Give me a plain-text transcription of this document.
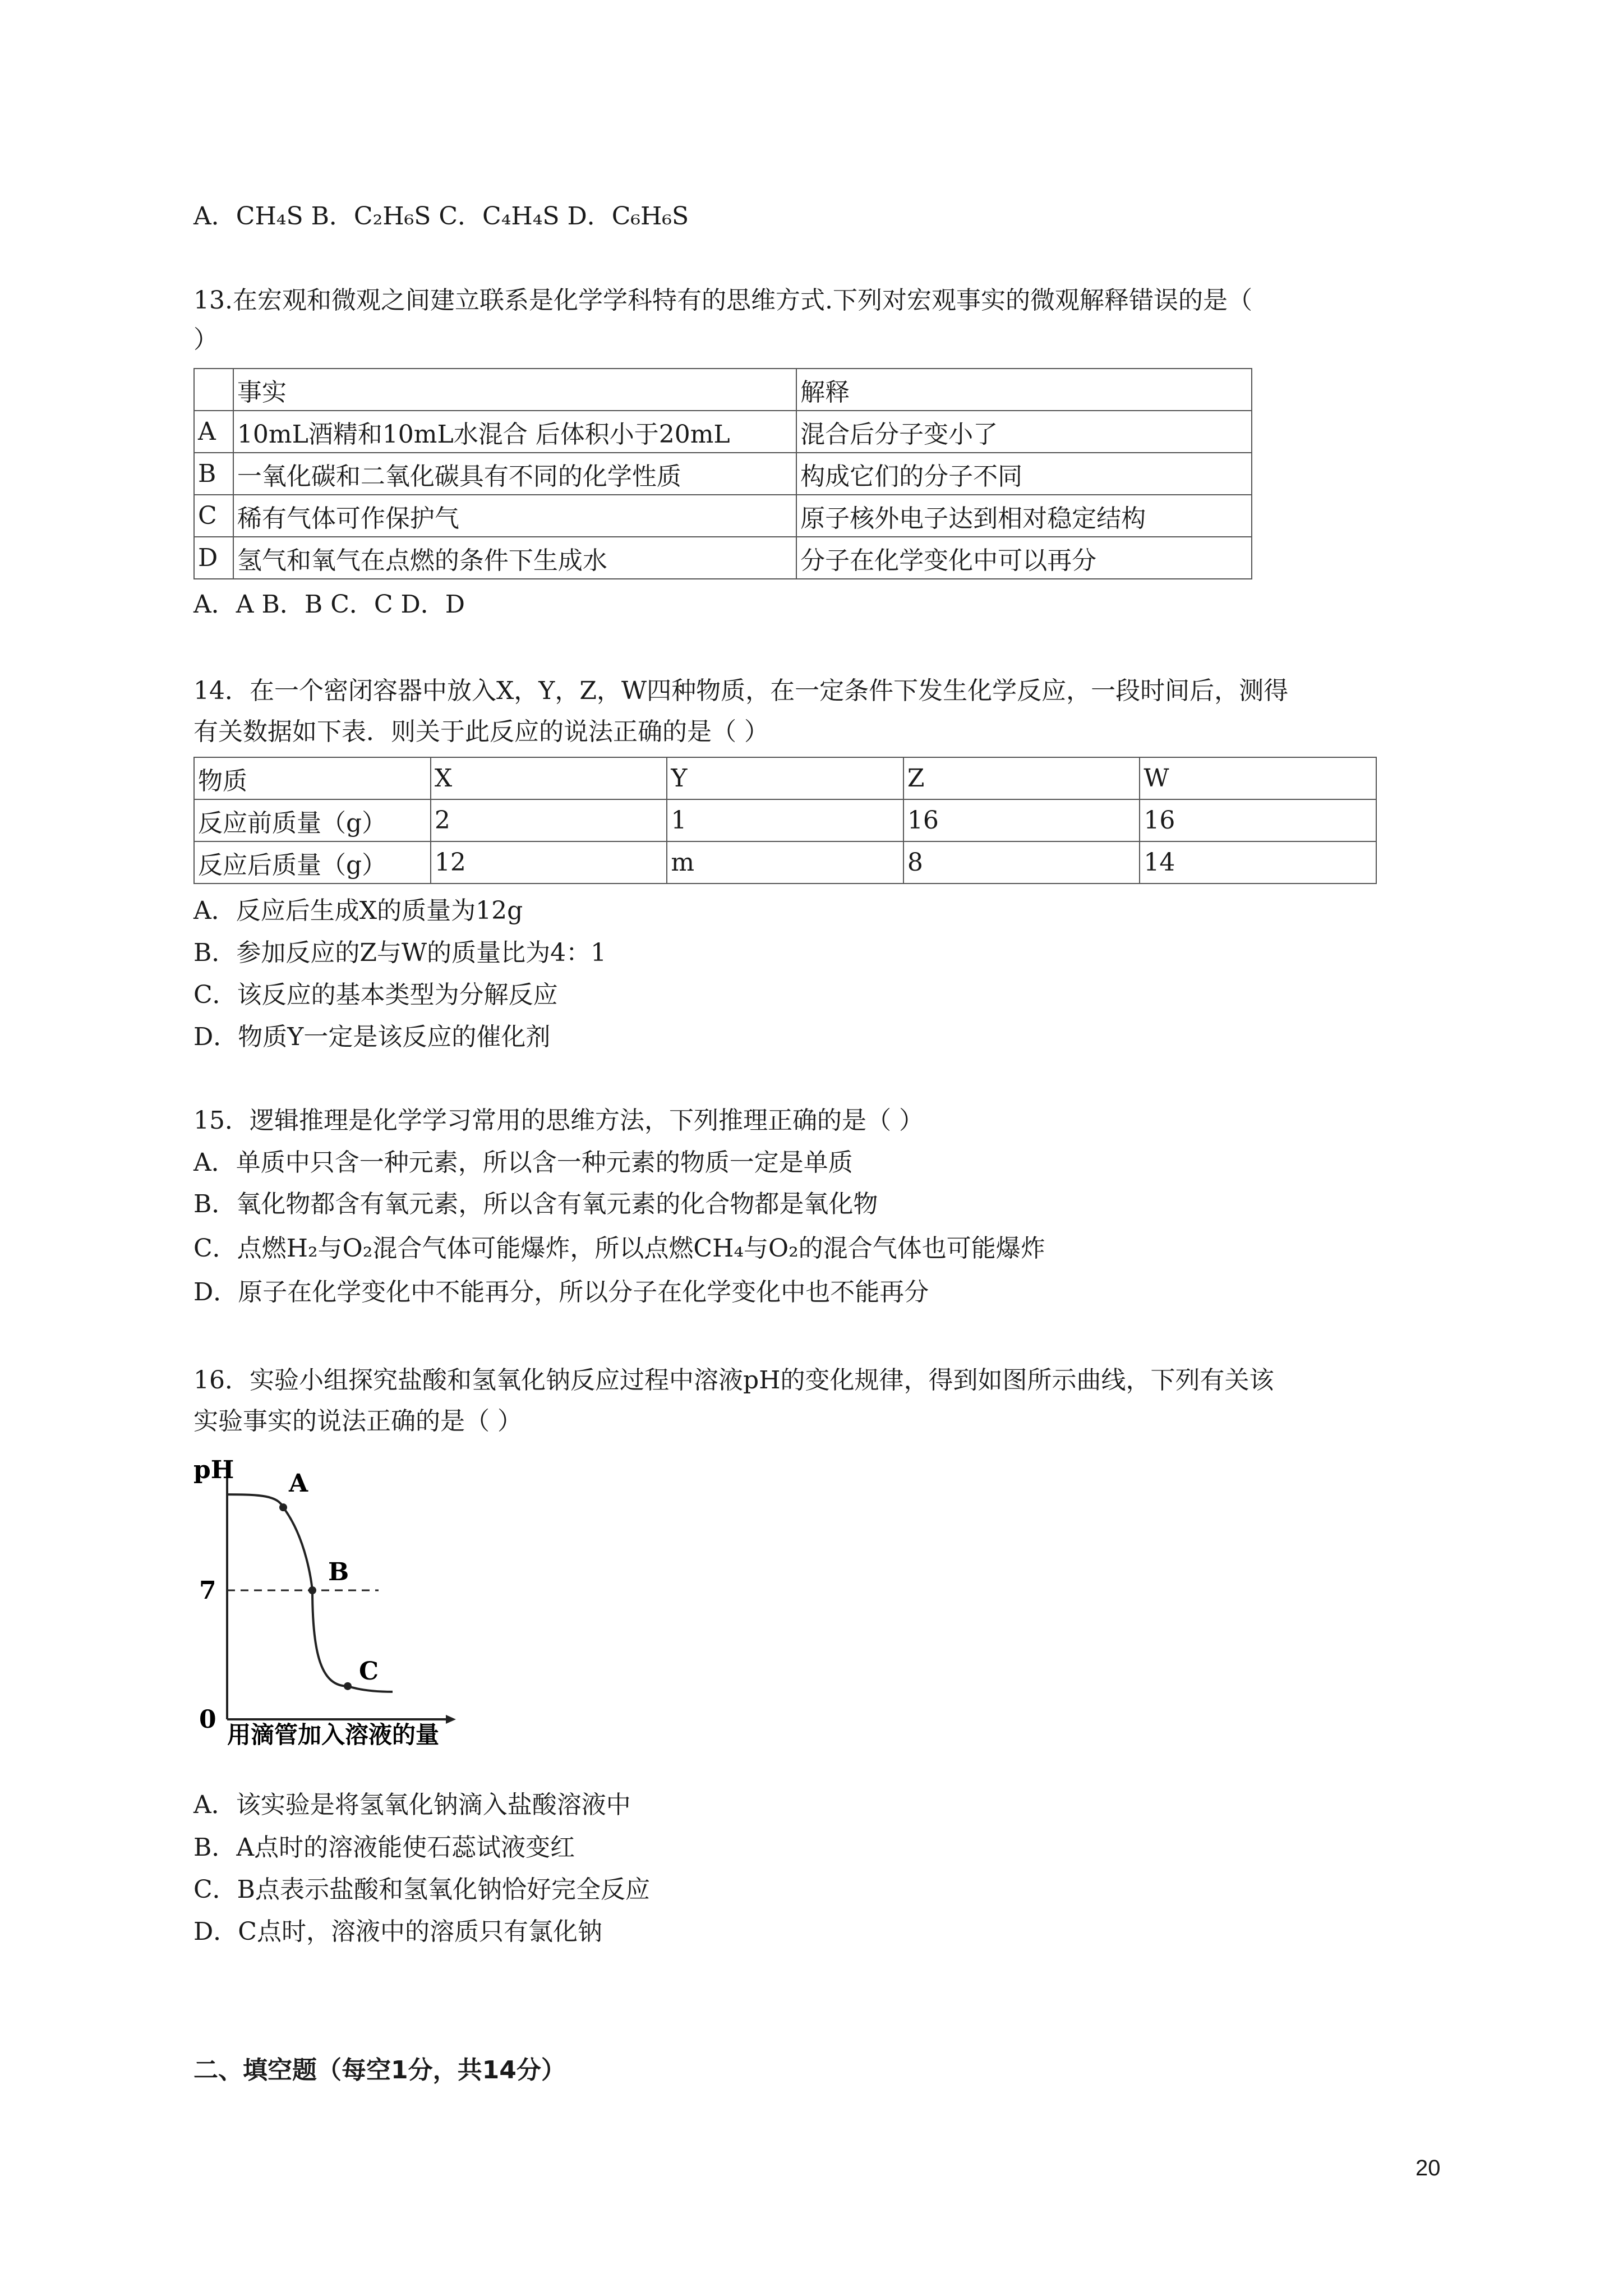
A．CH₄S B．C₂H₆S C．C₄H₄S D．C₆H₆S
13.在宏观和微观之间建立联系是化学学科特有的思维方式.下列对宏观事实的微观解释错误的是（
）
	事实	解释
A	10mL酒精和10mL水混合 后体积小于20mL	混合后分子变小了
B	一氧化碳和二氧化碳具有不同的化学性质	构成它们的分子不同
C	稀有气体可作保护气	原子核外电子达到相对稳定结构
D	氢气和氧气在点燃的条件下生成水	分子在化学变化中可以再分
A．A B．B C．C D．D
14．在一个密闭容器中放入X，Y，Z，W四种物质，在一定条件下发生化学反应，一段时间后，测得
有关数据如下表．则关于此反应的说法正确的是（ ）
物质	X	Y	Z	W
反应前质量（g）	2	1	16	16
反应后质量（g）	12	m	8	14
A．反应后生成X的质量为12g
B．参加反应的Z与W的质量比为4：1
C．该反应的基本类型为分解反应
D．物质Y一定是该反应的催化剂
15．逻辑推理是化学学习常用的思维方法，下列推理正确的是（ ）
A．单质中只含一种元素，所以含一种元素的物质一定是单质
B．氧化物都含有氧元素，所以含有氧元素的化合物都是氧化物
C．点燃H₂与O₂混合气体可能爆炸，所以点燃CH₄与O₂的混合气体也可能爆炸
D．原子在化学变化中不能再分，所以分子在化学变化中也不能再分
16．实验小组探究盐酸和氢氧化钠反应过程中溶液pH的变化规律，得到如图所示曲线，下列有关该
实验事实的说法正确的是（ ）
pH
7
0
A
B
C
用滴管加入溶液的量
A．该实验是将氢氧化钠滴入盐酸溶液中
B．A点时的溶液能使石蕊试液变红
C．B点表示盐酸和氢氧化钠恰好完全反应
D．C点时，溶液中的溶质只有氯化钠
二、填空题（每空1分，共14分）
20
